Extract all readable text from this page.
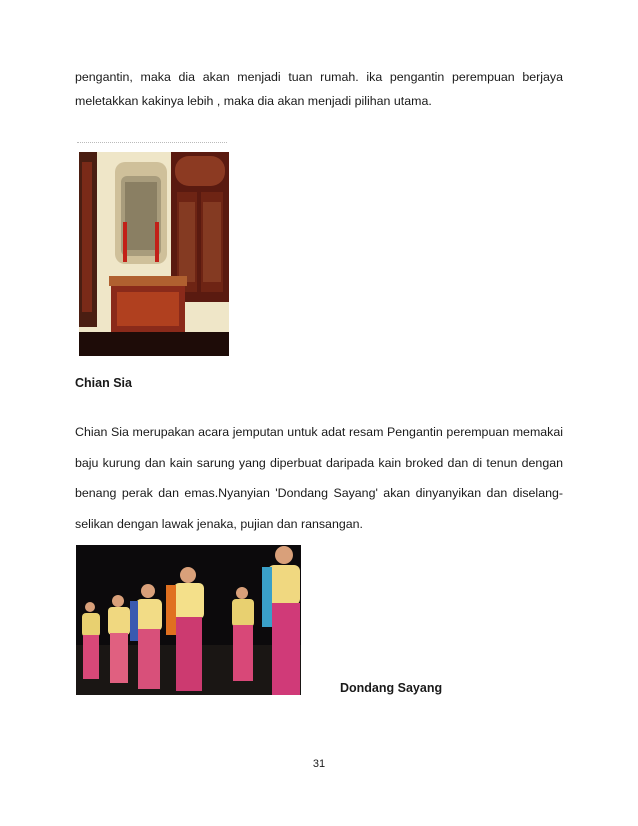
pengantin, maka dia akan menjadi tuan rumah. ika pengantin perempuan berjaya meletakkan kakinya lebih , maka dia akan menjadi pilihan utama.

Chian Sia

Chian Sia merupakan acara jemputan untuk adat resam Pengantin perempuan memakai baju kurung dan kain sarung yang diperbuat daripada kain broked dan di tenun dengan benang perak dan emas.Nyanyian 'Dondang Sayang' akan dinyanyikan dan diselang-selikan dengan lawak jenaka, pujian dan ransangan.

Dondang Sayang

31
